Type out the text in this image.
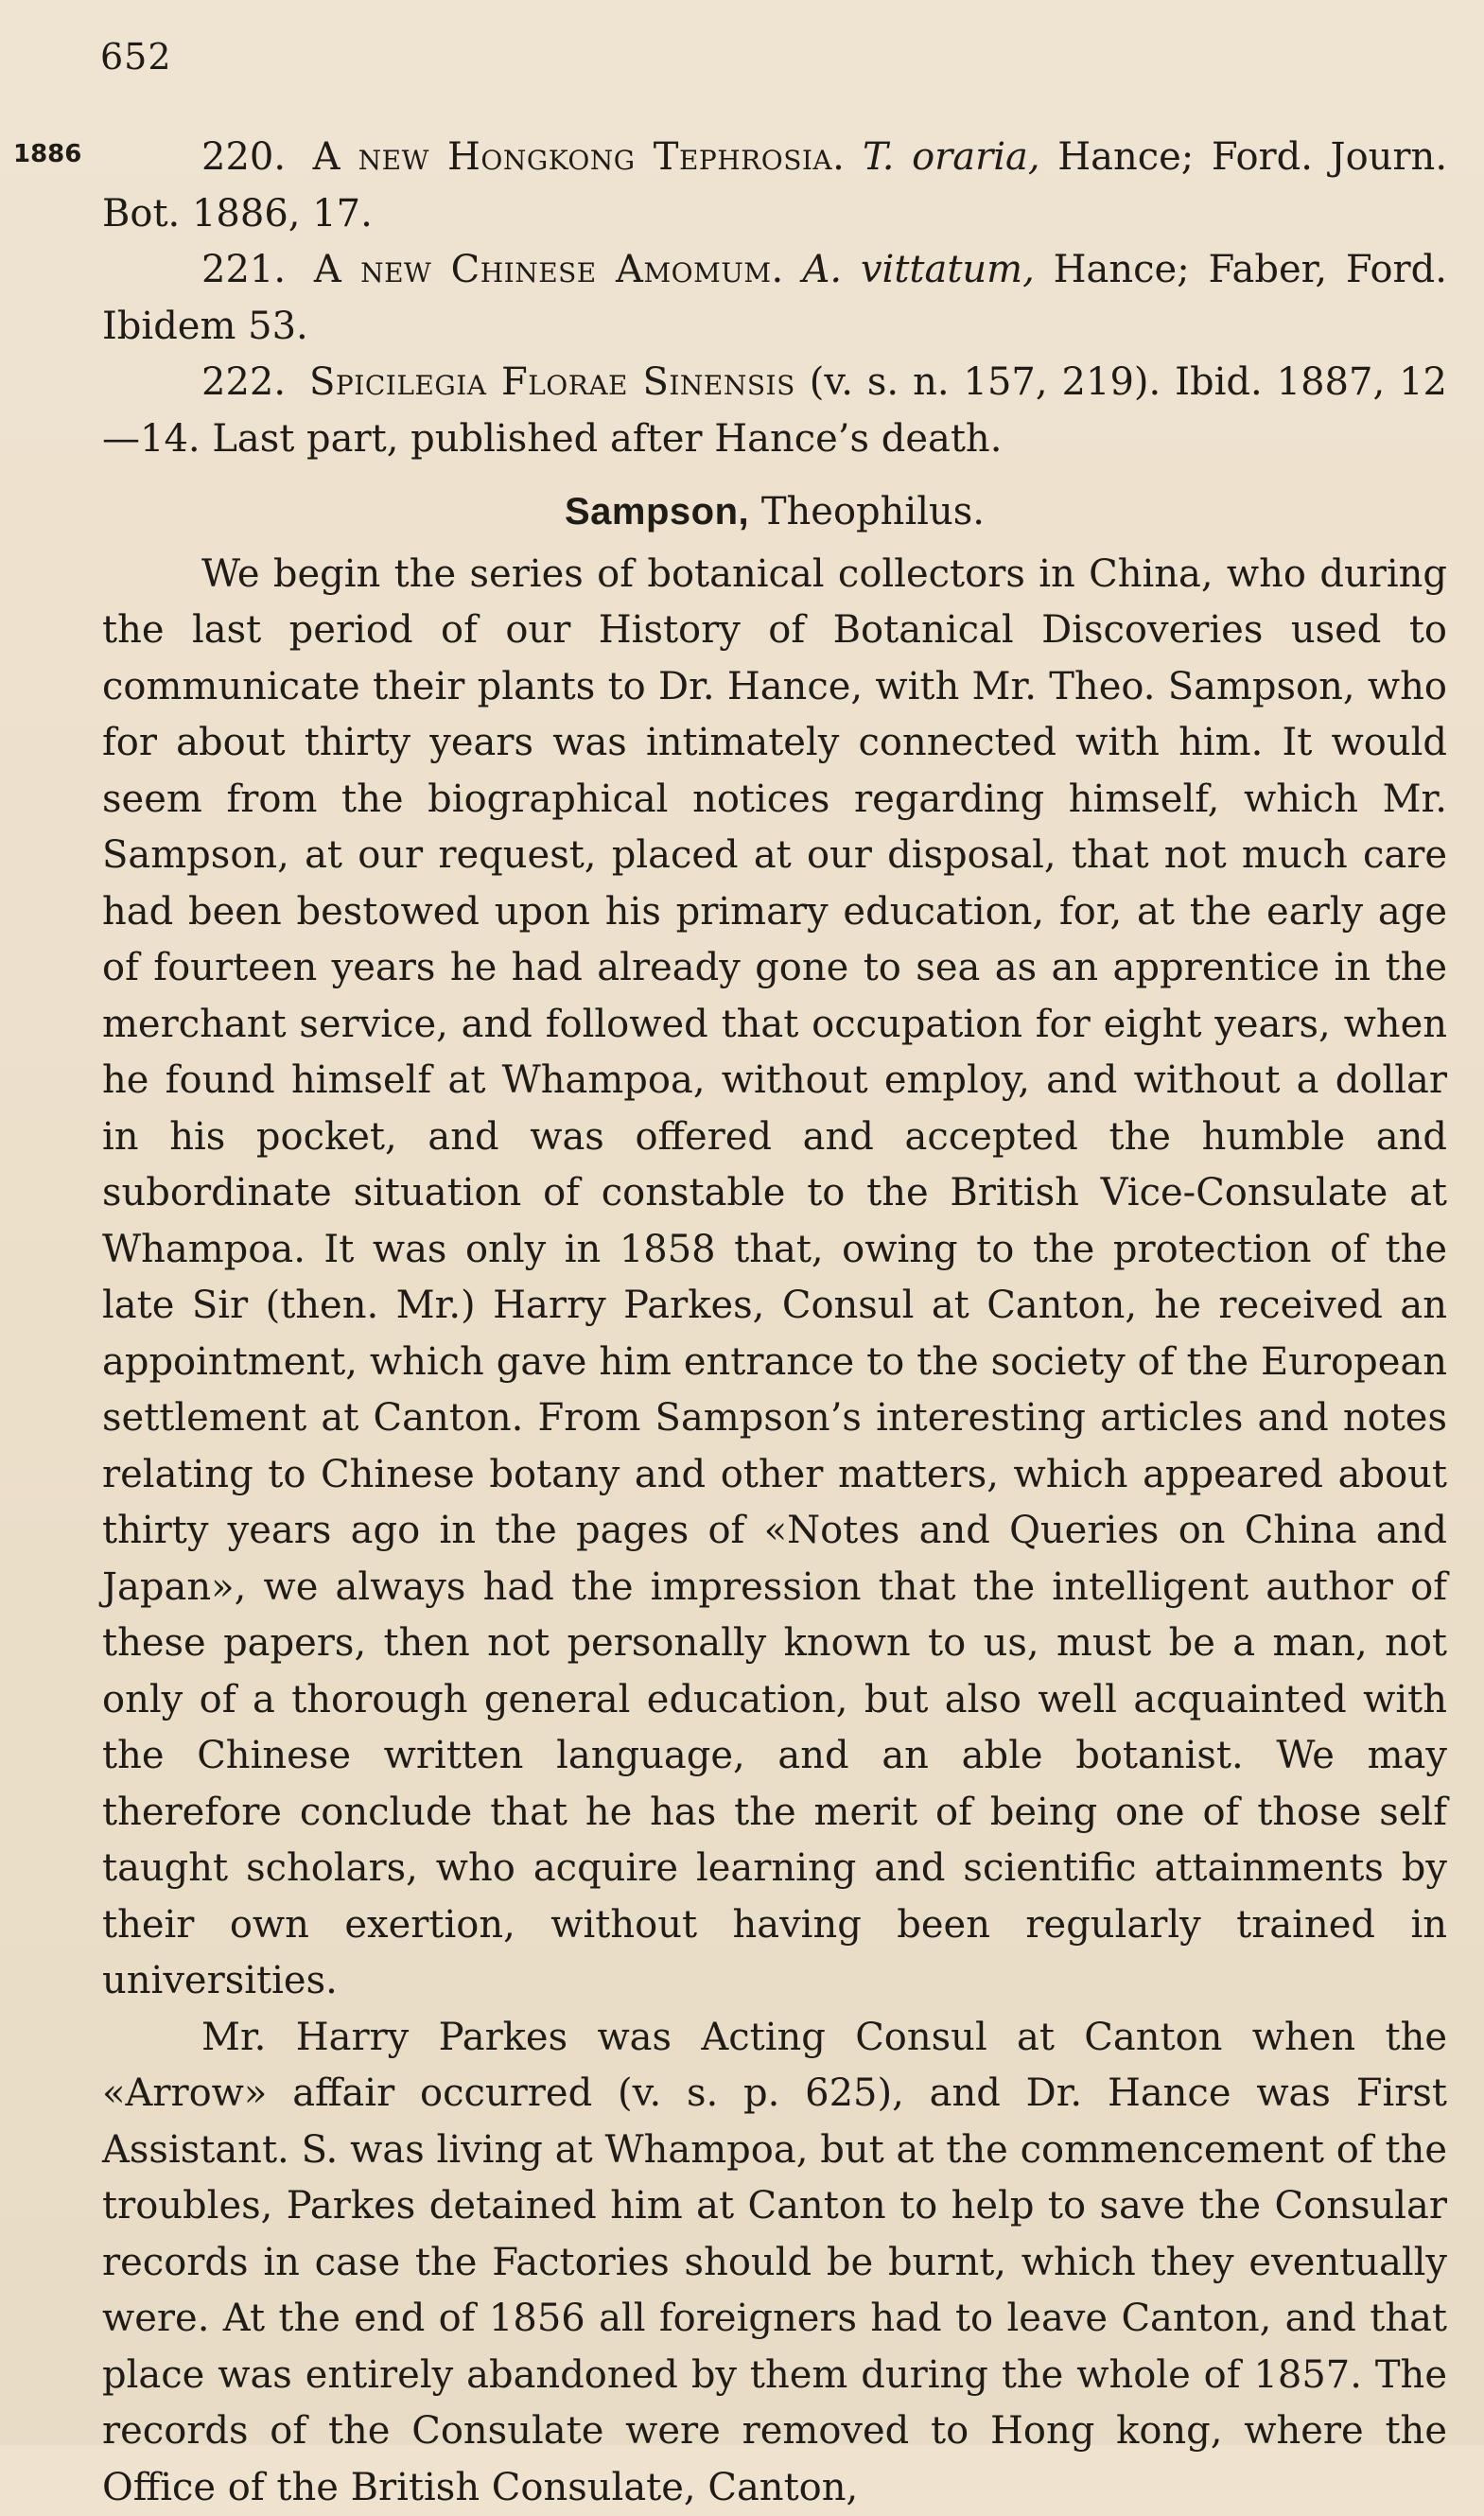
652
1886	220. A new Hongkong Tephrosia. T. oraria, Hance; Ford. Journ. Bot. 1886, 17.

221. A new Chinese Amomum. A. vittatum, Hance; Faber, Ford. Ibidem 53.

222. Spicilegia Florae Sinensis (v. s. n. 157, 219). Ibid. 1887, 12—14. Last part, published after Hance’s death.

Sampson, Theophilus.

We begin the series of botanical collectors in China, who during the last period of our History of Botanical Discoveries used to communicate their plants to Dr. Hance, with Mr. Theo. Sampson, who for about thirty years was intimately connected with him. It would seem from the biographical notices regarding himself, which Mr. Sampson, at our request, placed at our disposal, that not much care had been bestowed upon his primary education, for, at the early age of fourteen years he had already gone to sea as an apprentice in the merchant service, and followed that occupation for eight years, when he found himself at Whampoa, without employ, and without a dollar in his pocket, and was offered and accepted the humble and subordinate situation of constable to the British Vice-Consulate at Whampoa. It was only in 1858 that, owing to the protection of the late Sir (then. Mr.) Harry Parkes, Consul at Canton, he received an appointment, which gave him entrance to the society of the European settlement at Canton. From Sampson’s interesting articles and notes relating to Chinese botany and other matters, which appeared about thirty years ago in the pages of «Notes and Queries on China and Japan», we always had the impression that the intelligent author of these papers, then not personally known to us, must be a man, not only of a thorough general education, but also well acquainted with the Chinese written language, and an able botanist. We may therefore conclude that he has the merit of being one of those self taught scholars, who acquire learning and scientific attainments by their own exertion, without having been regularly trained in universities.

Mr. Harry Parkes was Acting Consul at Canton when the «Arrow» affair occurred (v. s. p. 625), and Dr. Hance was First Assistant. S. was living at Whampoa, but at the commencement of the troubles, Parkes detained him at Canton to help to save the Consular records in case the Factories should be burnt, which they eventually were. At the end of 1856 all foreigners had to leave Canton, and that place was entirely abandoned by them during the whole of 1857. The records of the Consulate were removed to Hong kong, where the Office of the British Consulate, Canton,
